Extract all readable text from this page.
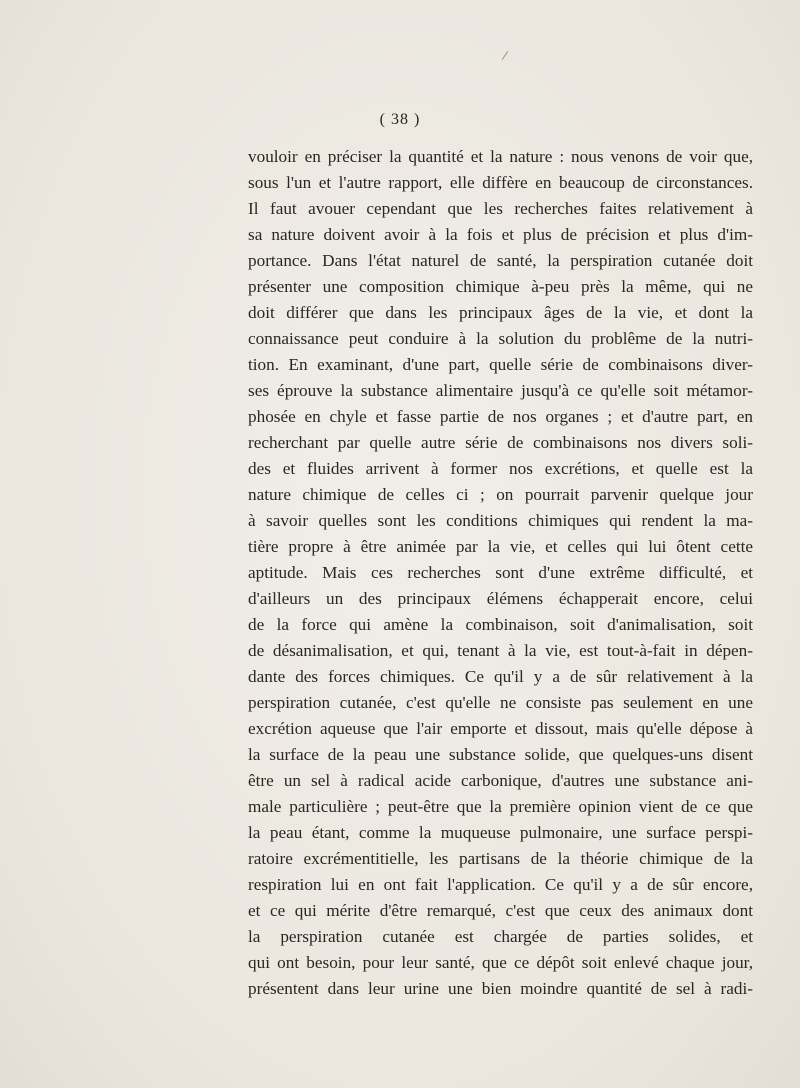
( 38 )
vouloir en préciser la quantité et la nature : nous venons de voir que,
sous l'un et l'autre rapport, elle diffère en beaucoup de circonstances.
Il faut avouer cependant que les recherches faites relativement à
sa nature doivent avoir à la fois et plus de précision et plus d'im-
portance. Dans l'état naturel de santé, la perspiration cutanée doit
présenter une composition chimique à-peu près la même, qui ne
doit différer que dans les principaux âges de la vie, et dont la
connaissance peut conduire à la solution du problême de la nutri-
tion. En examinant, d'une part, quelle série de combinaisons diver-
ses éprouve la substance alimentaire jusqu'à ce qu'elle soit métamor-
phosée en chyle et fasse partie de nos organes ; et d'autre part, en
recherchant par quelle autre série de combinaisons nos divers soli-
des et fluides arrivent à former nos excrétions, et quelle est la
nature chimique de celles ci ; on pourrait parvenir quelque jour
à savoir quelles sont les conditions chimiques qui rendent la ma-
tière propre à être animée par la vie, et celles qui lui ôtent cette
aptitude. Mais ces recherches sont d'une extrême difficulté, et
d'ailleurs un des principaux élémens échapperait encore, celui
de la force qui amène la combinaison, soit d'animalisation, soit
de désanimalisation, et qui, tenant à la vie, est tout-à-fait in dépen-
dante des forces chimiques. Ce qu'il y a de sûr relativement à la
perspiration cutanée, c'est qu'elle ne consiste pas seulement en une
excrétion aqueuse que l'air emporte et dissout, mais qu'elle dépose à
la surface de la peau une substance solide, que quelques-uns disent
être un sel à radical acide carbonique, d'autres une substance ani-
male particulière ; peut-être que la première opinion vient de ce que
la peau étant, comme la muqueuse pulmonaire, une surface perspi-
ratoire excrémentitielle, les partisans de la théorie chimique de la
respiration lui en ont fait l'application. Ce qu'il y a de sûr encore,
et ce qui mérite d'être remarqué, c'est que ceux des animaux dont
la perspiration cutanée est chargée de parties solides, et
qui ont besoin, pour leur santé, que ce dépôt soit enlevé chaque jour,
présentent dans leur urine une bien moindre quantité de sel à radi-
